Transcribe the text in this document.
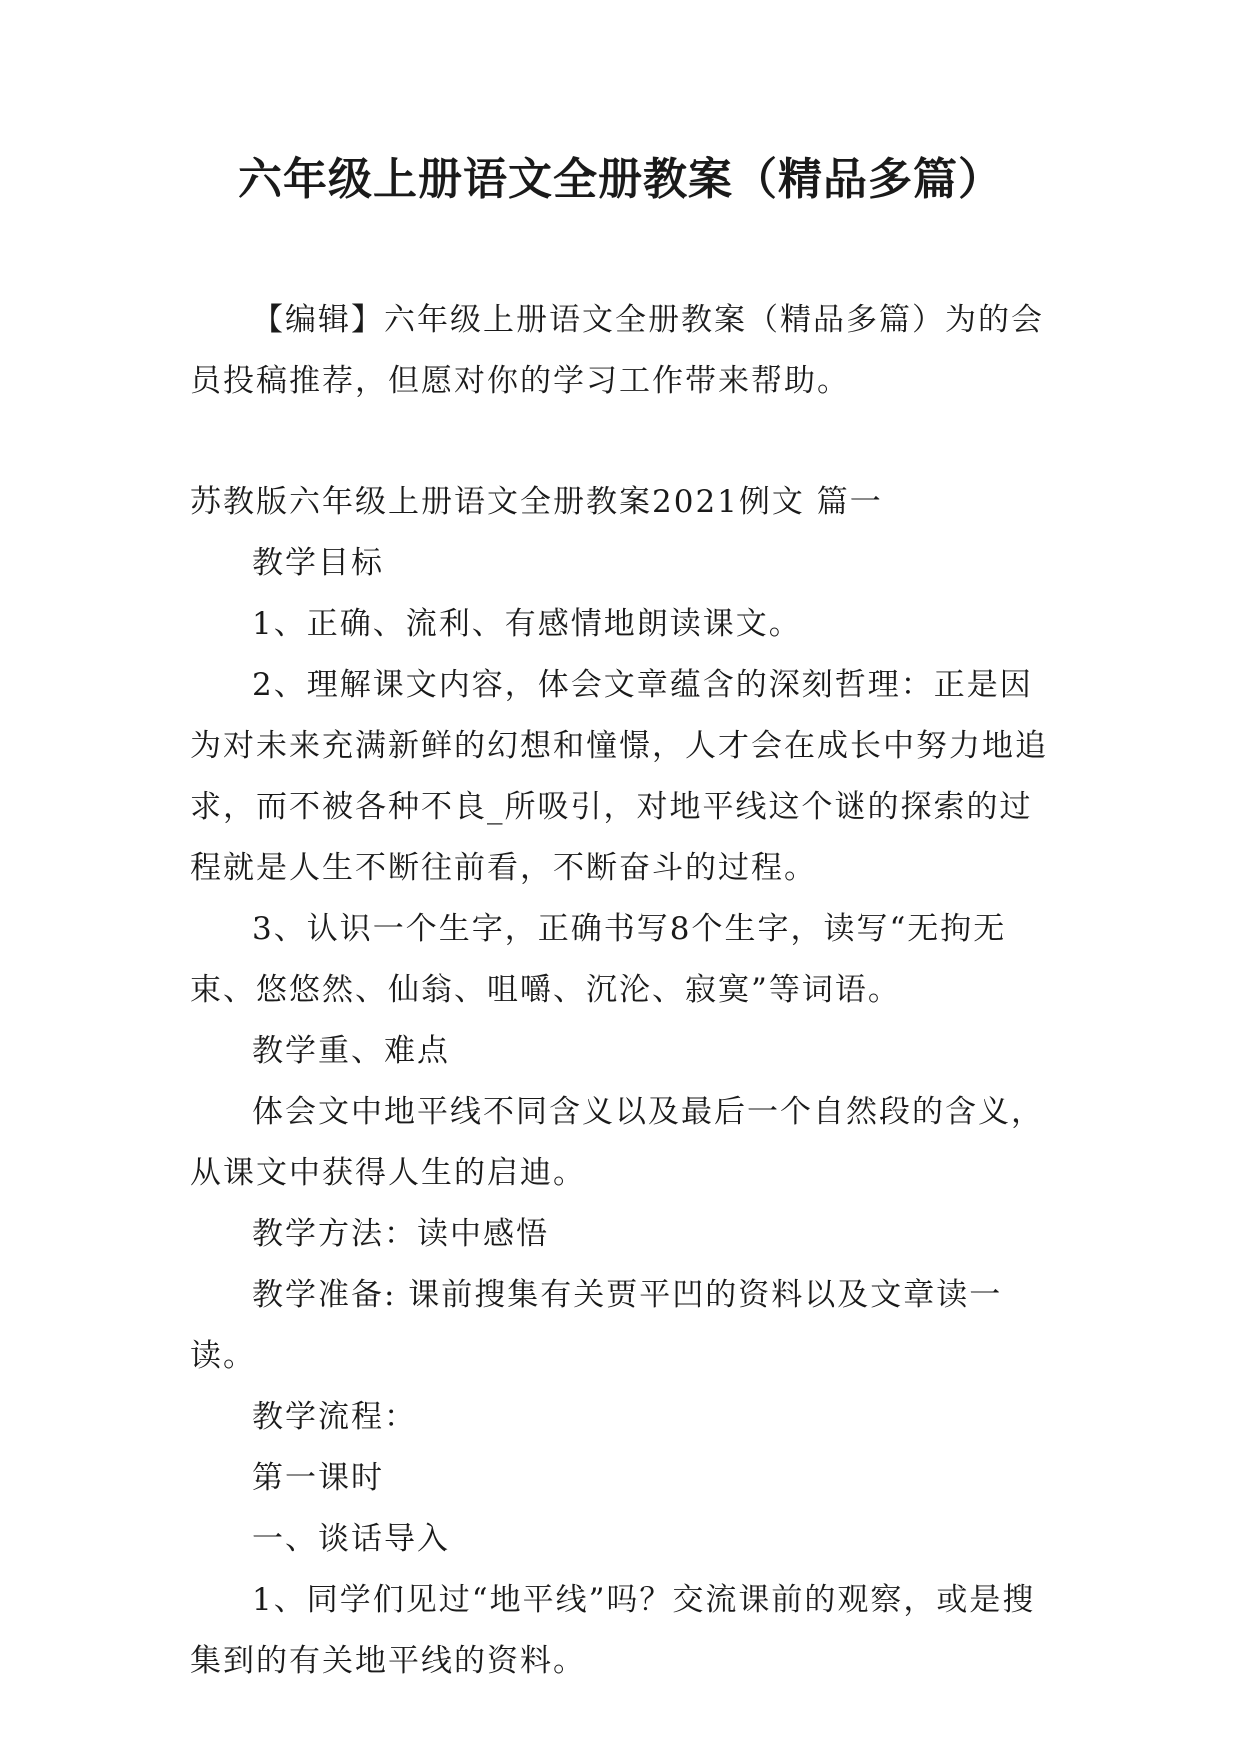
六年级上册语文全册教案（精品多篇）

【编辑】六年级上册语文全册教案（精品多篇）为的会员投稿推荐，但愿对你的学习工作带来帮助。

苏教版六年级上册语文全册教案2021例文 篇一

教学目标

1、正确、流利、有感情地朗读课文。

2、理解课文内容，体会文章蕴含的深刻哲理：正是因为对未来充满新鲜的幻想和憧憬，人才会在成长中努力地追求，而不被各种不良_所吸引，对地平线这个谜的探索的过程就是人生不断往前看，不断奋斗的过程。

3、认识一个生字，正确书写8个生字，读写“无拘无束、悠悠然、仙翁、咀嚼、沉沦、寂寞”等词语。

教学重、难点

体会文中地平线不同含义以及最后一个自然段的含义，从课文中获得人生的启迪。

教学方法：读中感悟

教学准备: 课前搜集有关贾平凹的资料以及文章读一读。

教学流程：

第一课时

一、谈话导入

1、同学们见过“地平线”吗？交流课前的观察，或是搜集到的有关地平线的资料。
